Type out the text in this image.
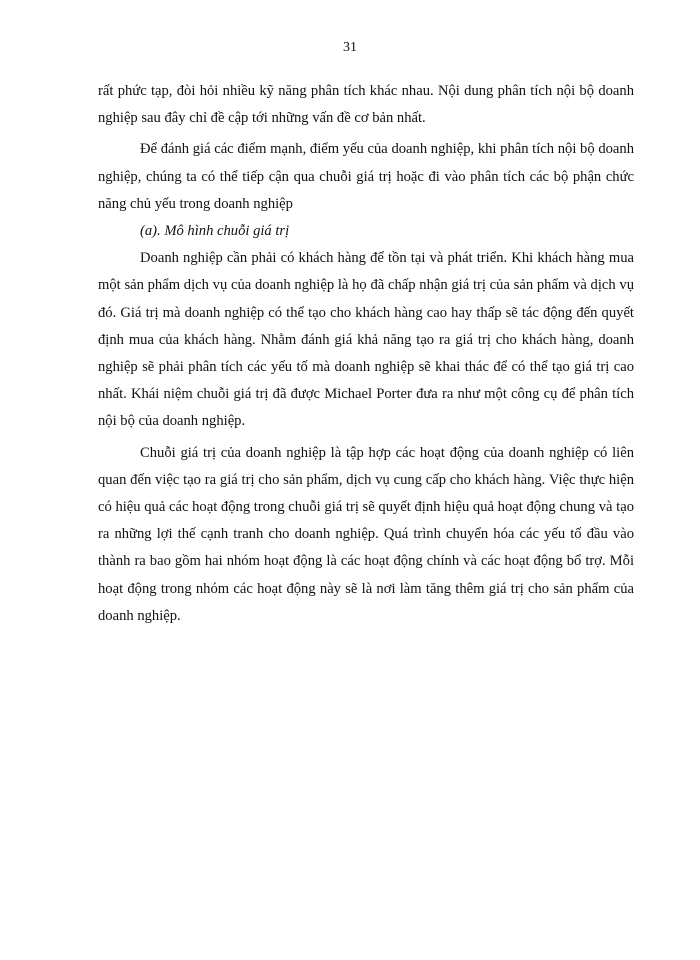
31

rất phức tạp, đòi hỏi nhiều kỹ năng phân tích khác nhau. Nội dung phân tích nội bộ doanh nghiệp sau đây chỉ đề cập tới những vấn đề cơ bản nhất.

Để đánh giá các điểm mạnh, điểm yếu của doanh nghiệp, khi phân tích nội bộ doanh nghiệp, chúng ta có thể tiếp cận qua chuỗi giá trị hoặc đi vào phân tích các bộ phận chức năng chủ yếu trong doanh nghiệp

(a). Mô hình chuỗi giá trị

Doanh nghiệp cần phải có khách hàng để tồn tại và phát triển. Khi khách hàng mua một sản phẩm dịch vụ của doanh nghiệp là họ đã chấp nhận giá trị của sản phẩm và dịch vụ đó. Giá trị mà doanh nghiệp có thể tạo cho khách hàng cao hay thấp sẽ tác động đến quyết định mua của khách hàng. Nhằm đánh giá khả năng tạo ra giá trị cho khách hàng, doanh nghiệp sẽ phải phân tích các yếu tố mà doanh nghiệp sẽ khai thác để có thể tạo giá trị cao nhất. Khái niệm chuỗi giá trị đã được Michael Porter đưa ra như một công cụ để phân tích nội bộ của doanh nghiệp.

Chuỗi giá trị của doanh nghiệp là tập hợp các hoạt động của doanh nghiệp có liên quan đến việc tạo ra giá trị cho sản phẩm, dịch vụ cung cấp cho khách hàng. Việc thực hiện có hiệu quả các hoạt động trong chuỗi giá trị sẽ quyết định hiệu quả hoạt động chung và tạo ra những lợi thế cạnh tranh cho doanh nghiệp. Quá trình chuyển hóa các yếu tố đầu vào thành ra bao gồm hai nhóm hoạt động là các hoạt động chính và các hoạt động bổ trợ. Mỗi hoạt động trong nhóm các hoạt động này sẽ là nơi làm tăng thêm giá trị cho sản phẩm của doanh nghiệp.
